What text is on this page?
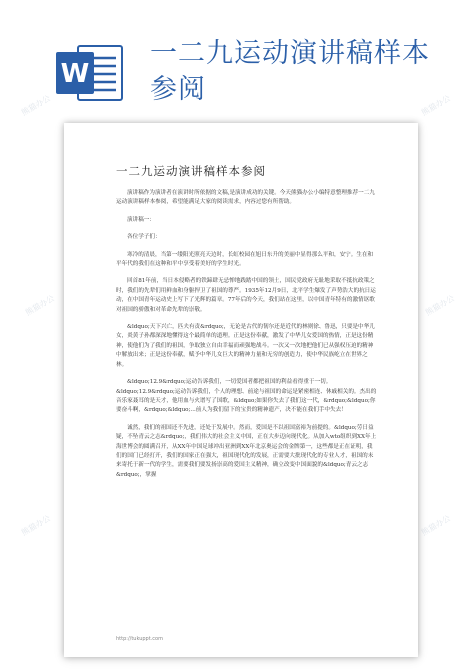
W
一二九运动演讲稿样本参阅
一二九运动演讲稿样本参阅

演讲稿作为演讲者在演讲时所依据的文稿,是演讲成功的关键。今天熊猫办公小编特意整理推荐一二九运动演讲稿样本参阅，希望能满足大家的阅读需求，内容过您有所帮助。

演讲稿一：

各位学子们：

寒冷的清晨，当第一缕阳光照亮天边时，长虹校园在旭日东升的美丽中显得那么平和，安宁。生在和平年代的我们在这种和平中享受着美好的学生时光。

回首81年前，当日本侵略者的铁蹄肆无忌惮地践踏中国的领土，国民党政府无耻地采取不抵抗政策之时，我们的先辈们用鲜血和身躯捍卫了祖国的尊严。1935年12月9日，北平学生爆发了声势浩大的抗日运动，在中国青年运动史上写下了光辉的篇章。77年后的今天，我们站在这里，以中国青年特有的激情讴歌对祖国的骄傲和对革命先辈的崇敬。

&ldquo;天下兴亡，匹夫有责&rdquo;，无论是古代的韧尔还是近代的林则徐、鲁迅，只要是中华儿女，炎黄子孙都深深地懂得这个最简单的道理。正是这份奉献，激发了中华儿女爱国的热情，正是这份精神，使他们为了我们的祖国，争取独立自由幸福而顽强地战斗。一次又一次地把他们已从强权压迫的精神中解放出来；正是这份奉献，赋予中华儿女巨大的精神力量和无穷的创造力，使中华民族屹立在世界之林。

&ldquo;12.9&rdquo;运动告诉我们，一切爱国者都把祖国的利益看得重于一切。&ldquo;12.9&rdquo;运动告诉我们，个人的理想、前途与祖国的命运是紧密相连、休戚相关的。杰出的音乐家聂耳的是天才，他用血与火谱写了国歌，&ldquo;如果你失去了我们这一代，&rdquo;&ldquo;你要奋斗啊，&rdquo;&ldquo;...前人为我们留下的宝贵的精神遗产，决不能在我们手中失去！

诚然，我们的祖国还不先进，还处于发展中。然而，爱国是不以祖国富裕为前提的。&ldquo;劳日益疑，不坠青云之志&rdquo;，我们伟大的社会主义中国，正在大步迈向现代化。从加入wto组织到XX年上海世博会的圆满召开，从XX年中国足球冲出亚洲到XX年北京奥运会的金牌第一，这些都是正在证明，我们的国门已经打开，我们的国家正在强大，祖国现代化的发展，正需要大批现代化的专业人才，祖国的未来寄托于新一代的学生，需要我们要发扬崇高的爱国主义精神，确立改变中国面貌的&ldquo;青云之志&rdquo;，掌握

http://tukuppt.com
熊猫办公
熊猫办公
熊猫办公
熊猫办公
熊猫办公
熊猫办公
